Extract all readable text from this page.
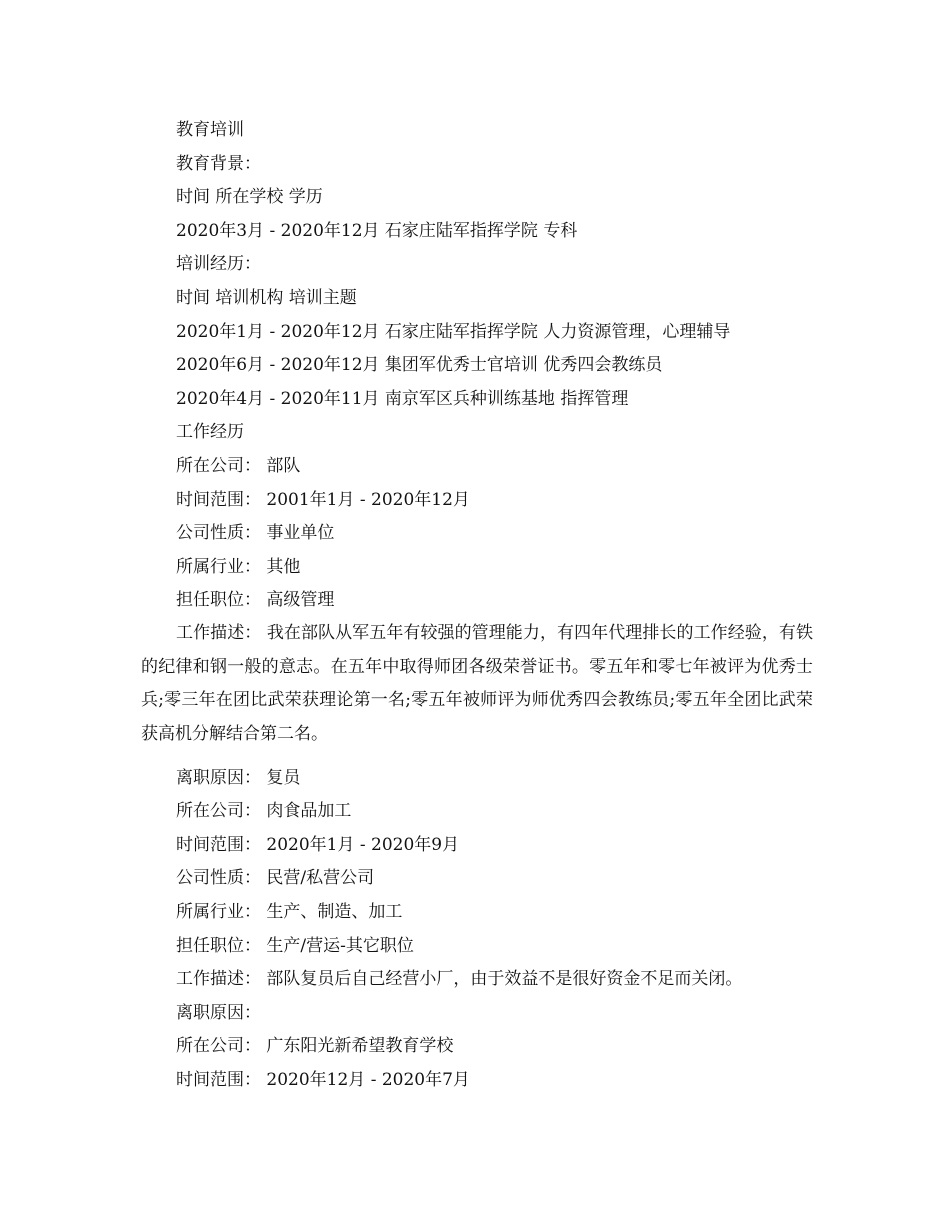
教育培训
教育背景：
时间 所在学校 学历
2020年3月 - 2020年12月 石家庄陆军指挥学院 专科
培训经历：
时间 培训机构 培训主题
2020年1月 - 2020年12月 石家庄陆军指挥学院 人力资源管理，心理辅导
2020年6月 - 2020年12月 集团军优秀士官培训 优秀四会教练员
2020年4月 - 2020年11月 南京军区兵种训练基地 指挥管理
工作经历
所在公司： 部队
时间范围： 2001年1月 - 2020年12月
公司性质： 事业单位
所属行业： 其他
担任职位： 高级管理
工作描述： 我在部队从军五年有较强的管理能力，有四年代理排长的工作经验，有铁的纪律和钢一般的意志。在五年中取得师团各级荣誉证书。零五年和零七年被评为优秀士兵;零三年在团比武荣获理论第一名;零五年被师评为师优秀四会教练员;零五年全团比武荣获高机分解结合第二名。
离职原因： 复员
所在公司： 肉食品加工
时间范围： 2020年1月 - 2020年9月
公司性质： 民营/私营公司
所属行业： 生产、制造、加工
担任职位： 生产/营运-其它职位
工作描述： 部队复员后自己经营小厂，由于效益不是很好资金不足而关闭。
离职原因：
所在公司： 广东阳光新希望教育学校
时间范围： 2020年12月 - 2020年7月
